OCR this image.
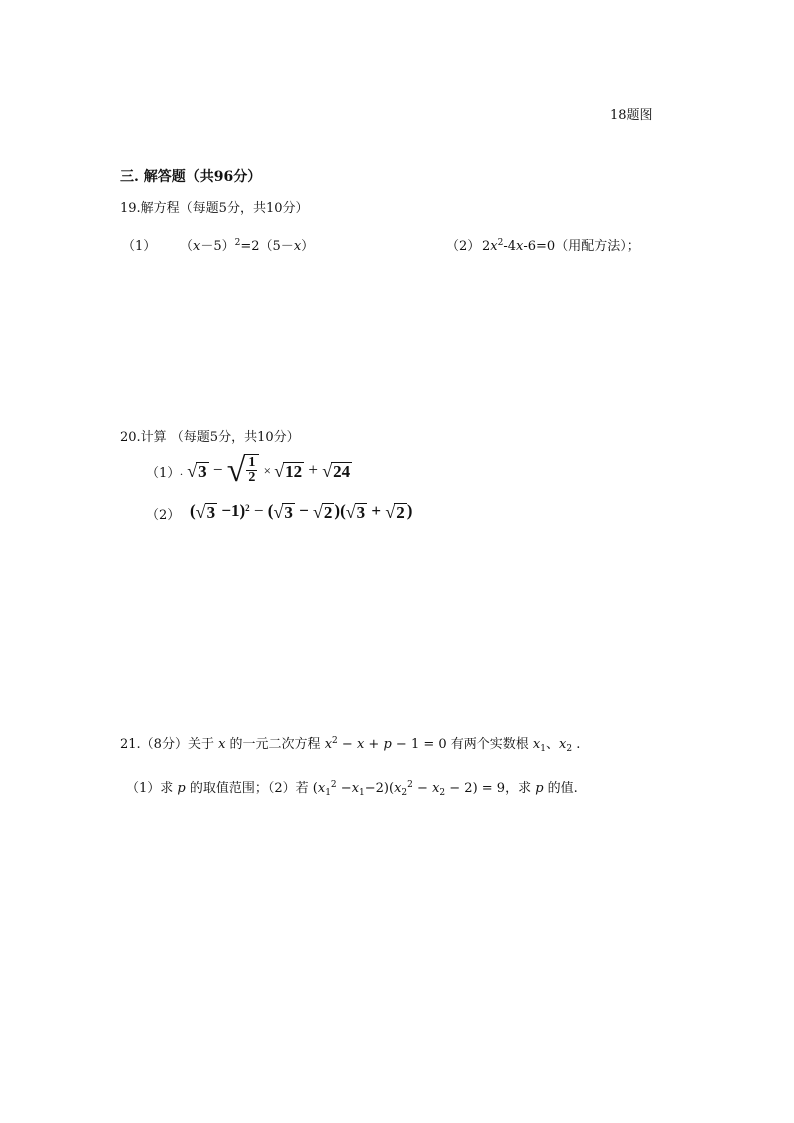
18题图
三. 解答题（共96分）
19.解方程（每题5分，共10分）
（1） $(x-5)^2=2(5-x)$	（2） $2x^2-4x-6=0$（用配方法）；
20.计算 （每题5分，共10分）
（1） . √ 3 − √ $\frac{1}{2}$ × √ 12 + √ 24
（2） ( √ 3 −1)$^2$ − ( √ 3 − √ 2 )( √ 3 + √ 2 )
21.（8分）关于 x 的一元二次方程 $x^2 - x + p - 1 = 0$ 有两个实数根 $x_1$、$x_2$ .
（1）求 p 的取值范围；（2）若 $(x_1^2 -x_1-2)(x_2^2 - x_2 - 2) = 9$，求 p 的值.
